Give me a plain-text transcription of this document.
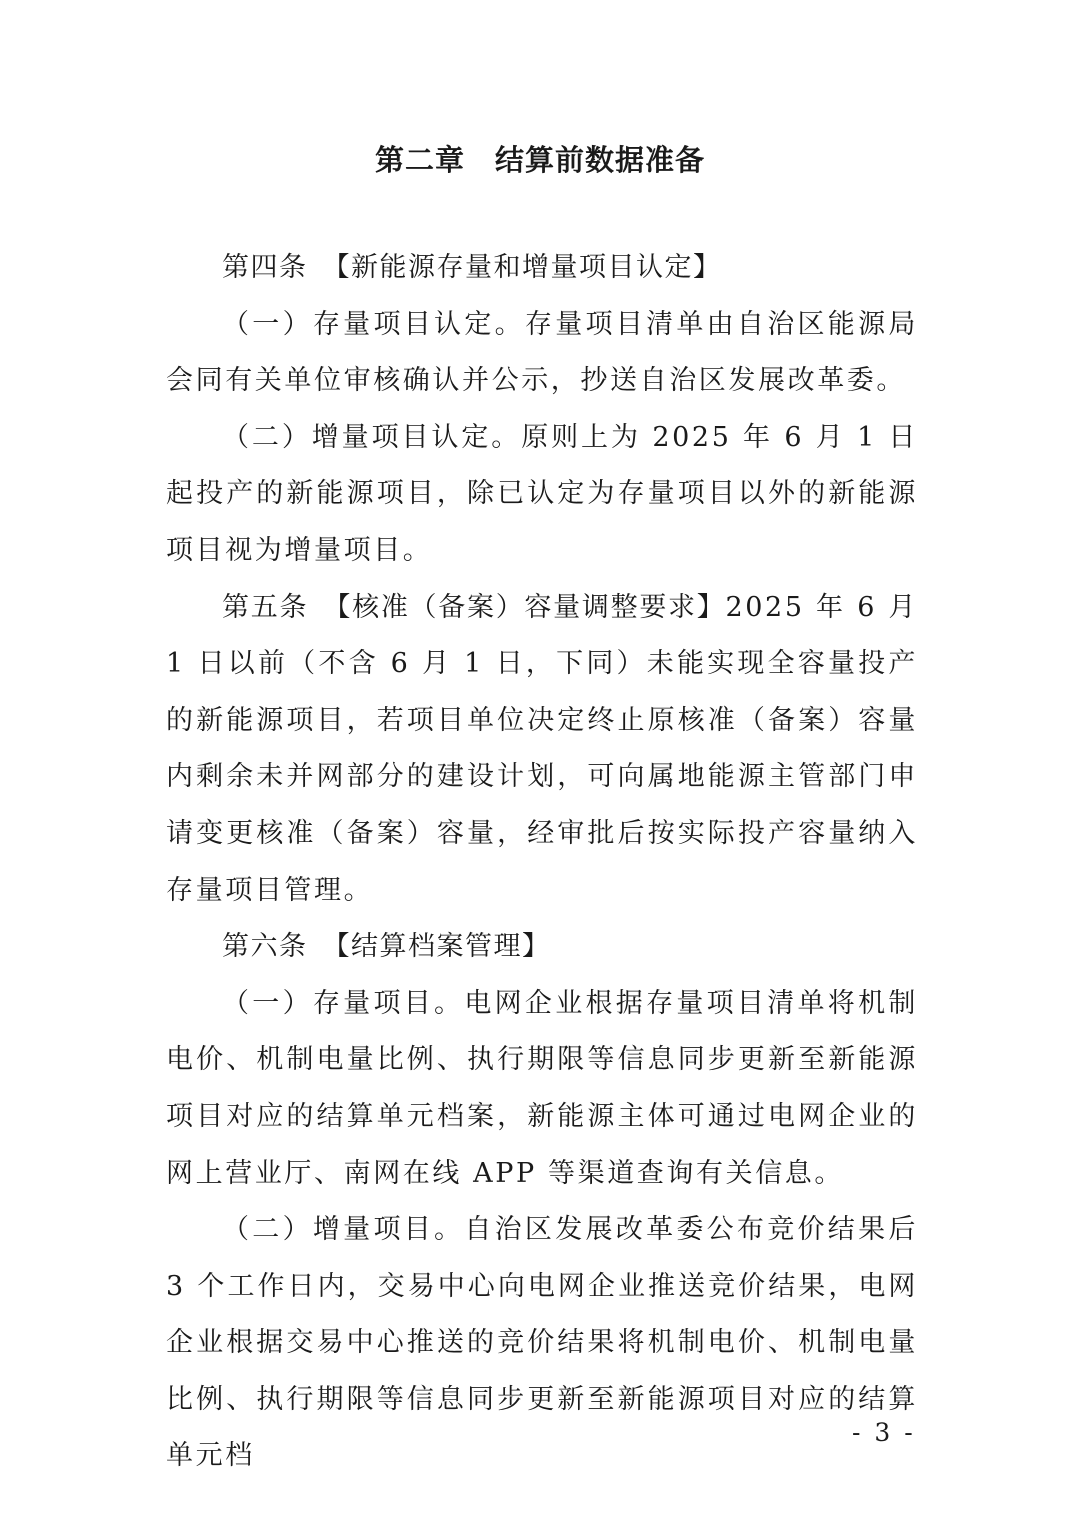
第二章　结算前数据准备

第四条　【新能源存量和增量项目认定】

（一）存量项目认定。存量项目清单由自治区能源局会同有关单位审核确认并公示，抄送自治区发展改革委。

（二）增量项目认定。原则上为 2025 年 6 月 1 日起投产的新能源项目，除已认定为存量项目以外的新能源项目视为增量项目。

第五条　【核准（备案）容量调整要求】2025 年 6 月 1 日以前（不含 6 月 1 日，下同）未能实现全容量投产的新能源项目，若项目单位决定终止原核准（备案）容量内剩余未并网部分的建设计划，可向属地能源主管部门申请变更核准（备案）容量，经审批后按实际投产容量纳入存量项目管理。

第六条　【结算档案管理】

（一）存量项目。电网企业根据存量项目清单将机制电价、机制电量比例、执行期限等信息同步更新至新能源项目对应的结算单元档案，新能源主体可通过电网企业的网上营业厅、南网在线 APP 等渠道查询有关信息。

（二）增量项目。自治区发展改革委公布竞价结果后 3 个工作日内，交易中心向电网企业推送竞价结果，电网企业根据交易中心推送的竞价结果将机制电价、机制电量比例、执行期限等信息同步更新至新能源项目对应的结算单元档

- 3 -
